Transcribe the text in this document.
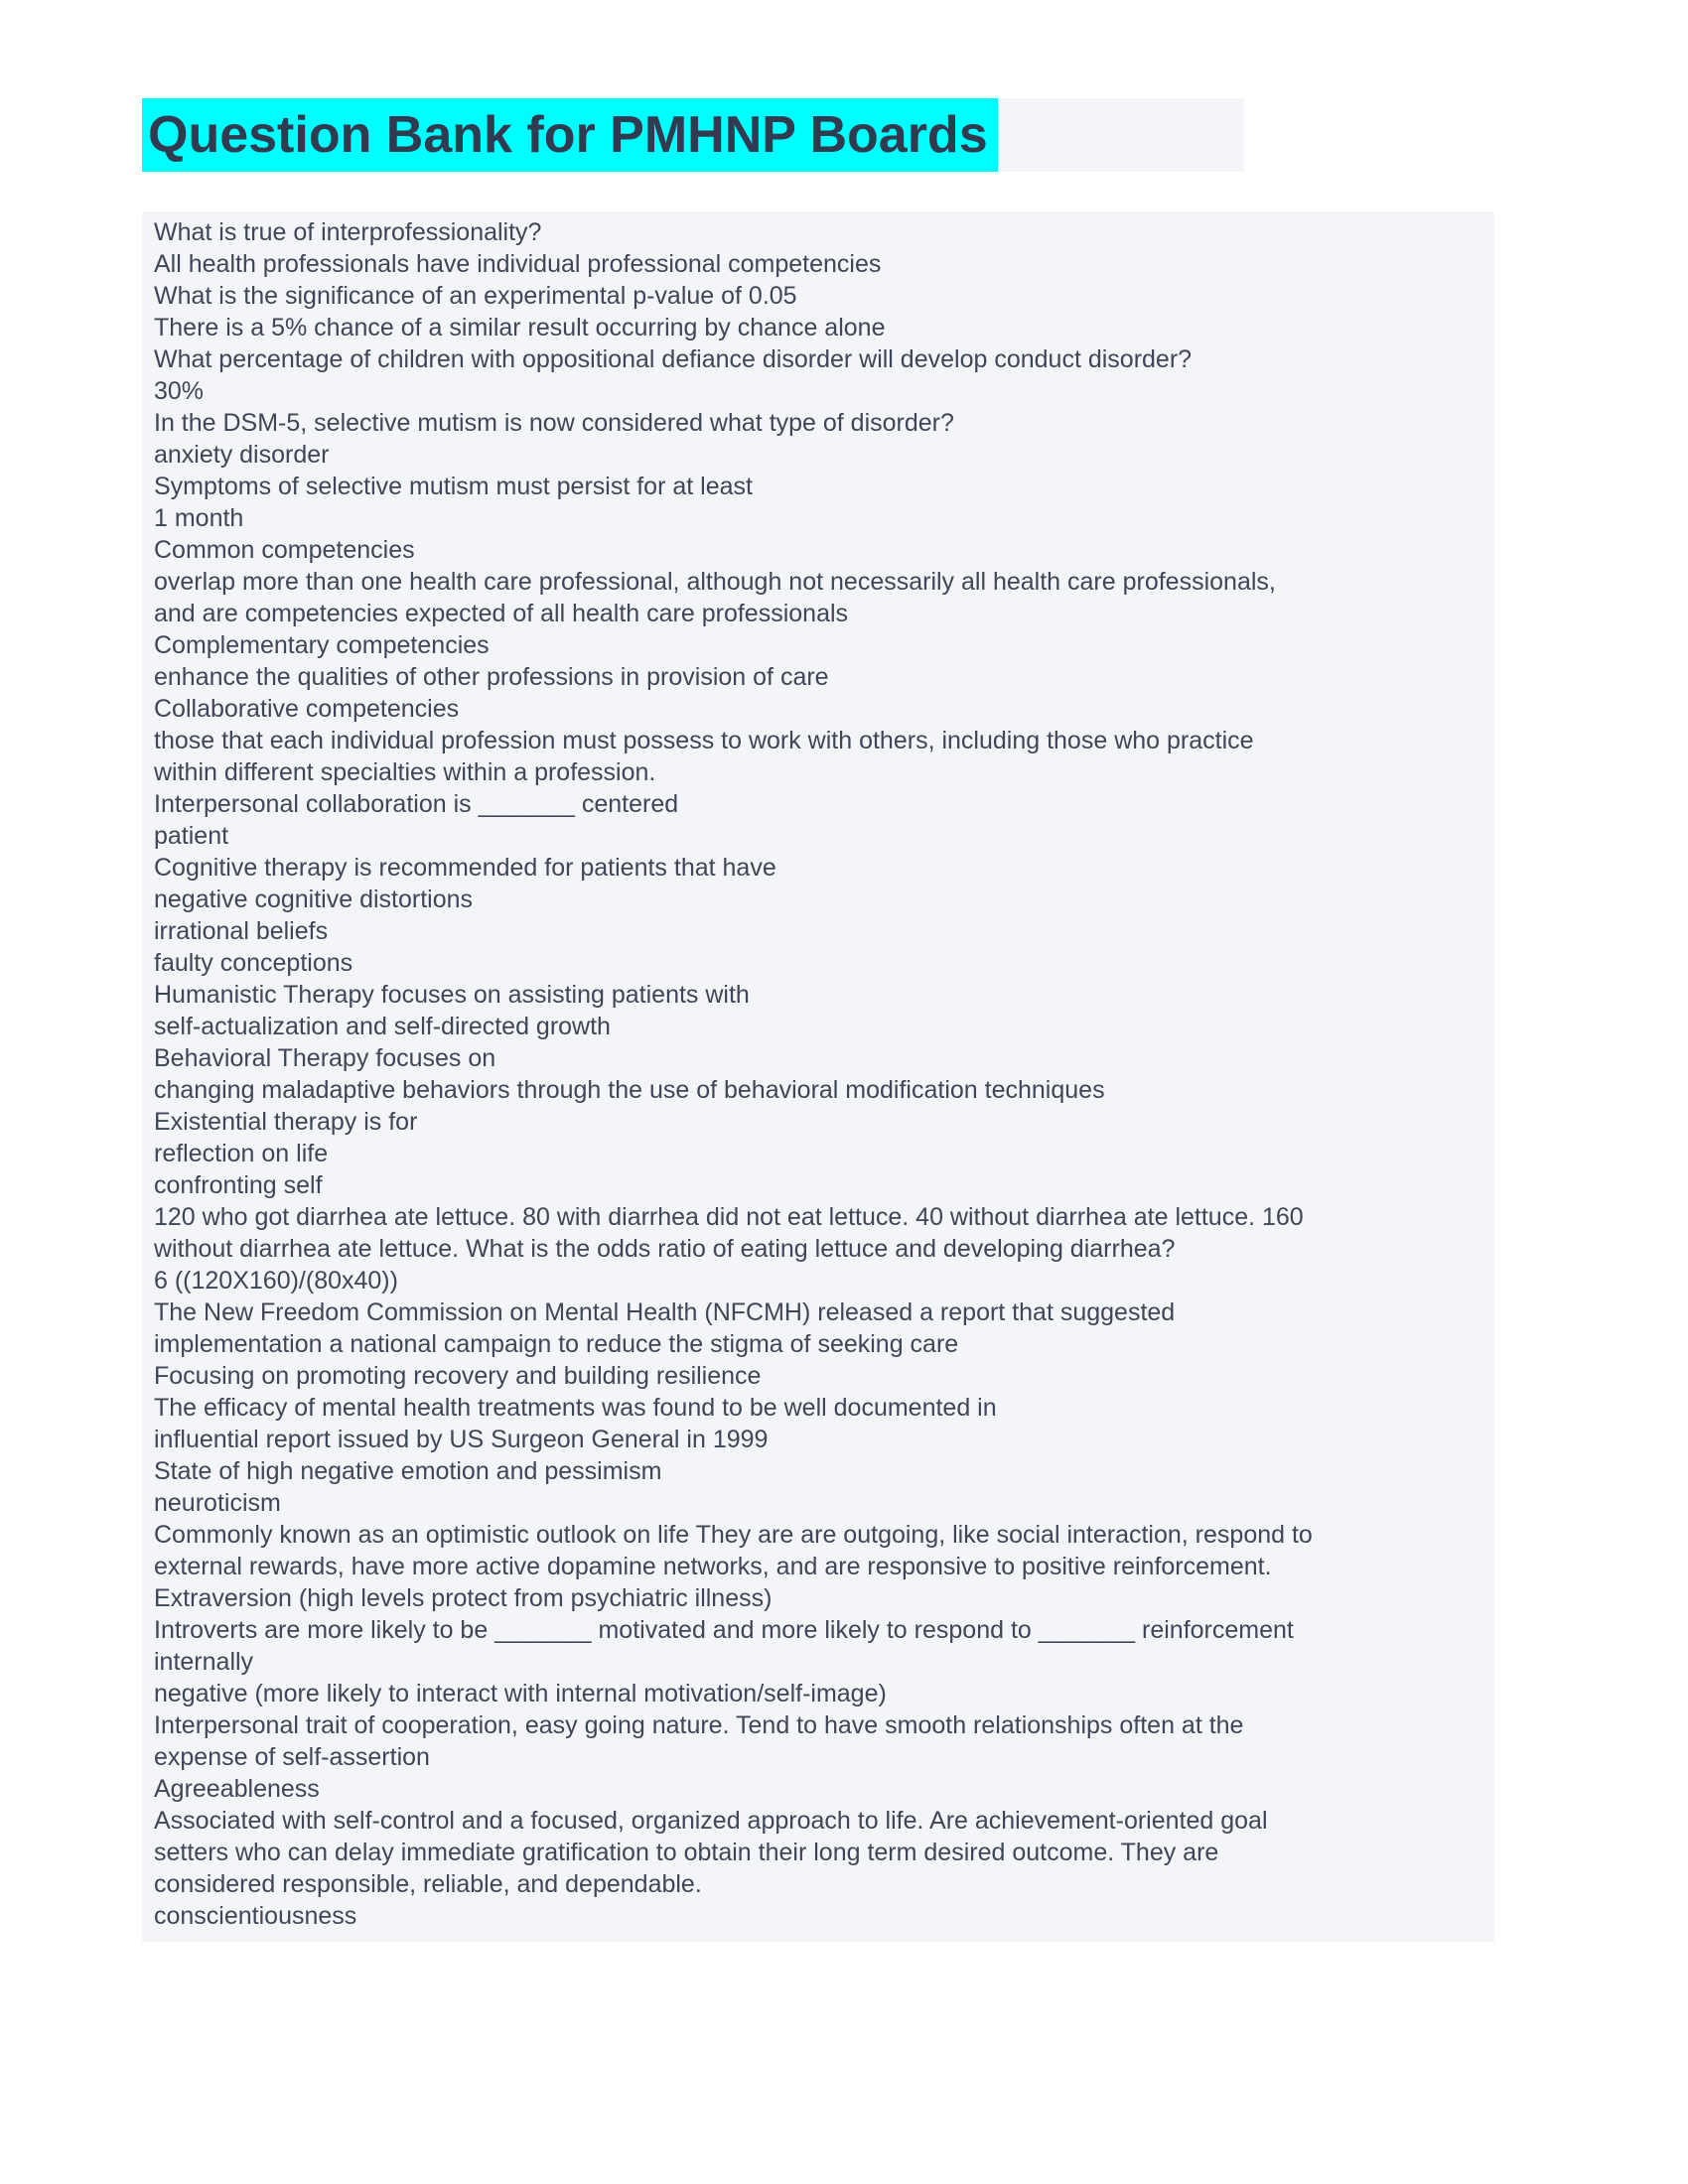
Question Bank for PMHNP Boards
What is true of interprofessionality?
All health professionals have individual professional competencies
What is the significance of an experimental p-value of 0.05
There is a 5% chance of a similar result occurring by chance alone
What percentage of children with oppositional defiance disorder will develop conduct disorder?
30%
In the DSM-5, selective mutism is now considered what type of disorder?
anxiety disorder
Symptoms of selective mutism must persist for at least
1 month
Common competencies
overlap more than one health care professional, although not necessarily all health care professionals,
and are competencies expected of all health care professionals
Complementary competencies
enhance the qualities of other professions in provision of care
Collaborative competencies
those that each individual profession must possess to work with others, including those who practice
within different specialties within a profession.
Interpersonal collaboration is _______ centered
patient
Cognitive therapy is recommended for patients that have
negative cognitive distortions
irrational beliefs
faulty conceptions
Humanistic Therapy focuses on assisting patients with
self-actualization and self-directed growth
Behavioral Therapy focuses on
changing maladaptive behaviors through the use of behavioral modification techniques
Existential therapy is for
reflection on life
confronting self
120 who got diarrhea ate lettuce. 80 with diarrhea did not eat lettuce. 40 without diarrhea ate lettuce. 160
without diarrhea ate lettuce. What is the odds ratio of eating lettuce and developing diarrhea?
6 ((120X160)/(80x40))
The New Freedom Commission on Mental Health (NFCMH) released a report that suggested
implementation a national campaign to reduce the stigma of seeking care
Focusing on promoting recovery and building resilience
The efficacy of mental health treatments was found to be well documented in
influential report issued by US Surgeon General in 1999
State of high negative emotion and pessimism
neuroticism
Commonly known as an optimistic outlook on life They are are outgoing, like social interaction, respond to
external rewards, have more active dopamine networks, and are responsive to positive reinforcement.
Extraversion (high levels protect from psychiatric illness)
Introverts are more likely to be _______ motivated and more likely to respond to _______ reinforcement
internally
negative (more likely to interact with internal motivation/self-image)
Interpersonal trait of cooperation, easy going nature. Tend to have smooth relationships often at the
expense of self-assertion
Agreeableness
Associated with self-control and a focused, organized approach to life. Are achievement-oriented goal
setters who can delay immediate gratification to obtain their long term desired outcome. They are
considered responsible, reliable, and dependable.
conscientiousness
